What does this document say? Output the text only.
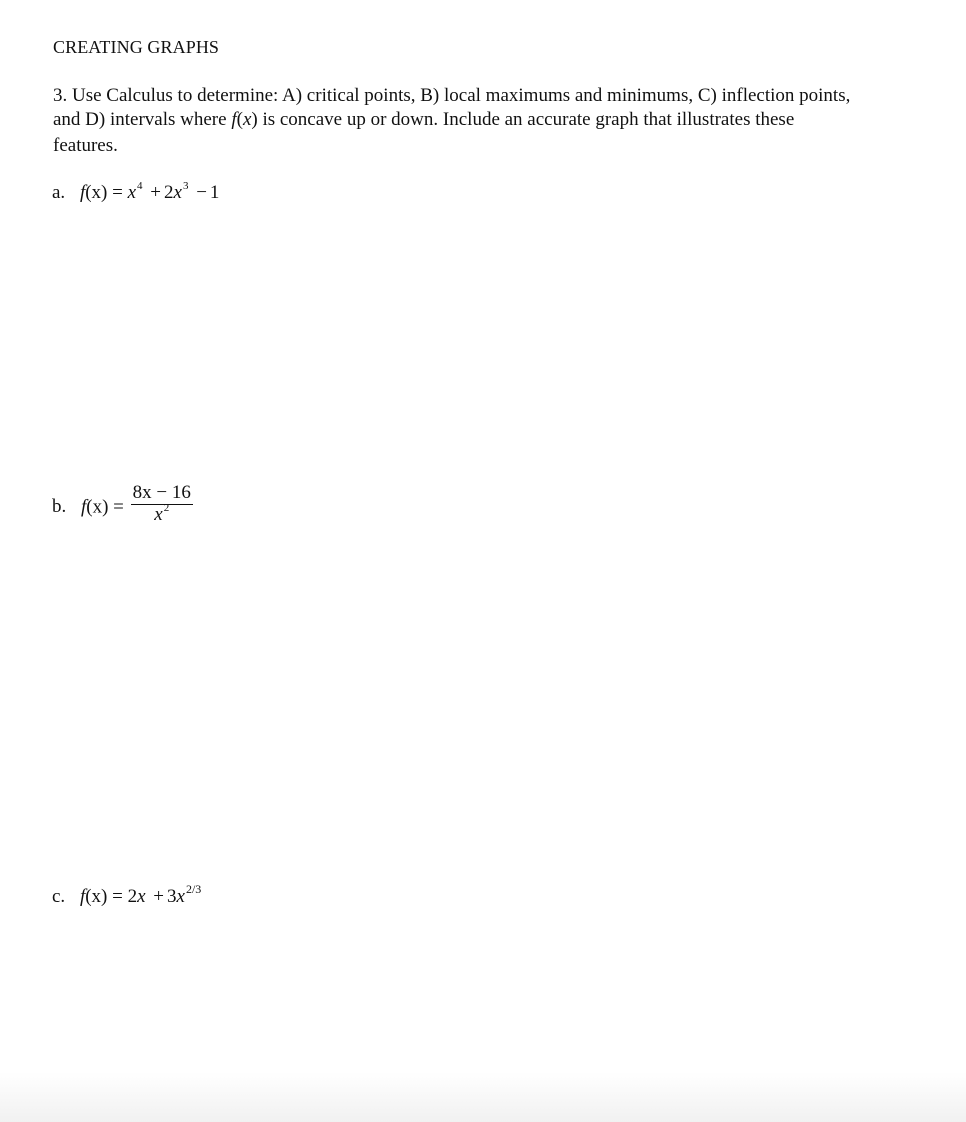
CREATING GRAPHS
3. Use Calculus to determine: A) critical points, B) local maximums and minimums, C) inflection points,
and D) intervals where f(x) is concave up or down. Include an accurate graph that illustrates these
features.
a. $f(x) = x^4 + 2x^3 - 1$
b. $f(x) = \frac{8x - 16}{x^2}$
c. $f(x) = 2x + 3x^{2/3}$
